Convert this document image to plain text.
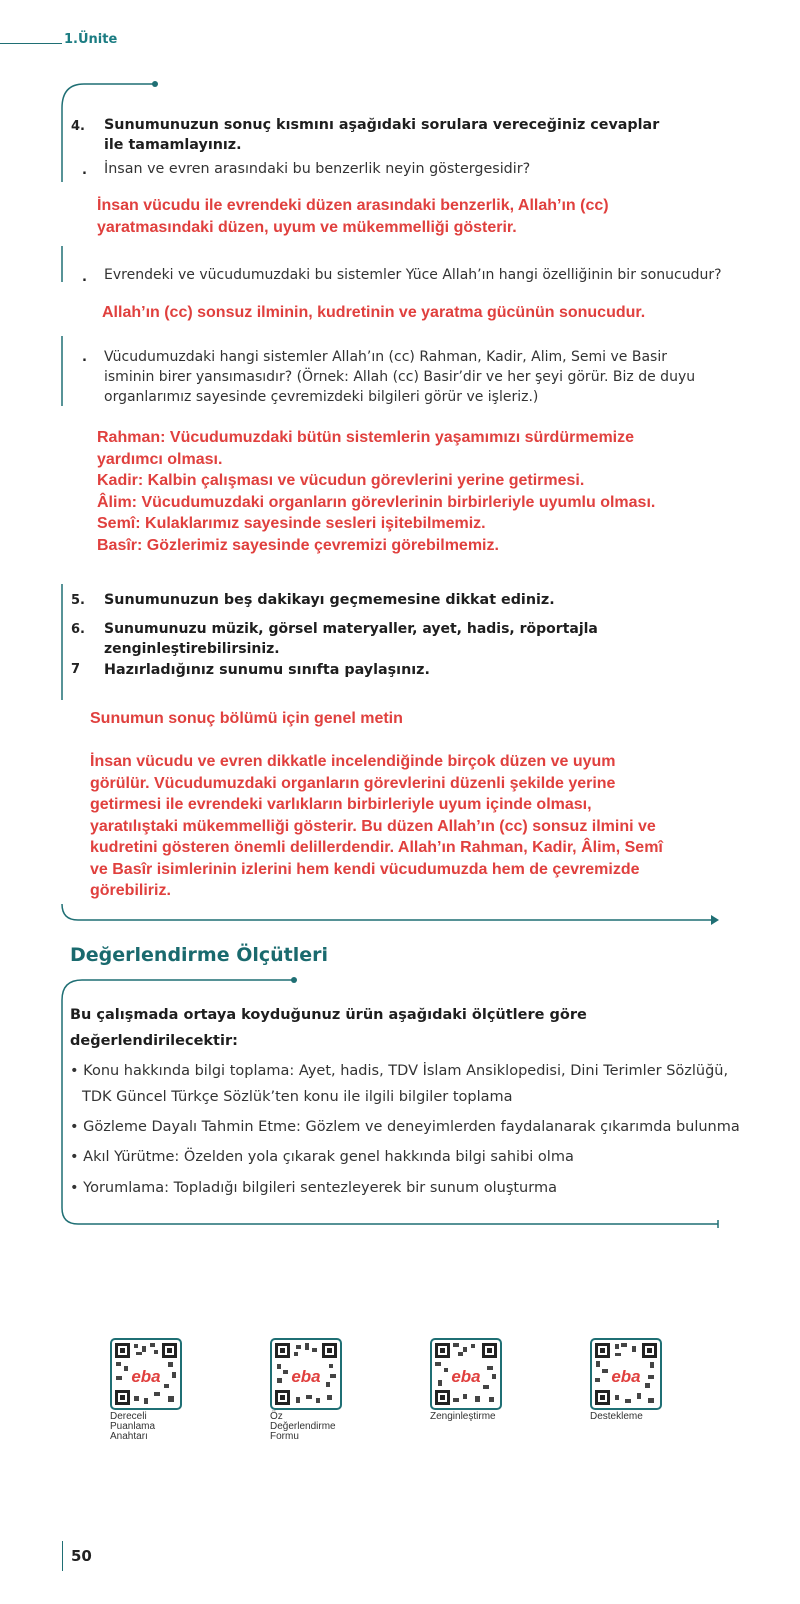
1.Ünite
4. Sunumunuzun sonuç kısmını aşağıdaki sorulara vereceğiniz cevaplar ile tamamlayınız.
. İnsan ve evren arasındaki bu benzerlik neyin göstergesidir?
İnsan vücudu ile evrendeki düzen arasındaki benzerlik, Allah’ın (cc) yaratmasındaki düzen, uyum ve mükemmelliği gösterir.
. Evrendeki ve vücudumuzdaki bu sistemler Yüce Allah’ın hangi özelliğinin bir sonucudur?
Allah’ın (cc) sonsuz ilminin, kudretinin ve yaratma gücünün sonucudur.
. Vücudumuzdaki hangi sistemler Allah’ın (cc) Rahman, Kadir, Alim, Semi ve Basir isminin birer yansımasıdır? (Örnek: Allah (cc) Basir’dir ve her şeyi görür. Biz de duyu organlarımız sayesinde çevremizdeki bilgileri görür ve işleriz.)
Rahman: Vücudumuzdaki bütün sistemlerin yaşamımızı sürdürmemize
yardımcı olması.
Kadir: Kalbin çalışması ve vücudun görevlerini yerine getirmesi.
Âlim: Vücudumuzdaki organların görevlerinin birbirleriyle uyumlu olması.
Semî: Kulaklarımız sayesinde sesleri işitebilmemiz.
Basîr: Gözlerimiz sayesinde çevremizi görebilmemiz.
5. Sunumunuzun beş dakikayı geçmemesine dikkat ediniz.
6. Sunumunuzu müzik, görsel materyaller, ayet, hadis, röportajla zenginleştirebilirsiniz.
7 Hazırladığınız sunumu sınıfta paylaşınız.
Sunumun sonuç bölümü için genel metin
İnsan vücudu ve evren dikkatle incelendiğinde birçok düzen ve uyum
görülür. Vücudumuzdaki organların görevlerini düzenli şekilde yerine
getirmesi ile evrendeki varlıkların birbirleriyle uyum içinde olması,
yaratılıştaki mükemmelliği gösterir. Bu düzen Allah’ın (cc) sonsuz ilmini ve
kudretini gösteren önemli delillerdendir. Allah’ın Rahman, Kadir, Âlim, Semî
ve Basîr isimlerinin izlerini hem kendi vücudumuzda hem de çevremizde
görebiliriz.
Değerlendirme Ölçütleri
Bu çalışmada ortaya koyduğunuz ürün aşağıdaki ölçütlere göre
değerlendirilecektir:
• Konu hakkında bilgi toplama: Ayet, hadis, TDV İslam Ansiklopedisi, Dini Terimler Sözlüğü,
TDK Güncel Türkçe Sözlük’ten konu ile ilgili bilgiler toplama
• Gözleme Dayalı Tahmin Etme: Gözlem ve deneyimlerden faydalanarak çıkarımda bulunma
• Akıl Yürütme: Özelden yola çıkarak genel hakkında bilgi sahibi olma
• Yorumlama: Topladığı bilgileri sentezleyerek bir sunum oluşturma
eba
Dereceli
Puanlama
Anahtarı
eba
Öz
Değerlendirme
Formu
eba
Zenginleştirme
eba
Destekleme
50
